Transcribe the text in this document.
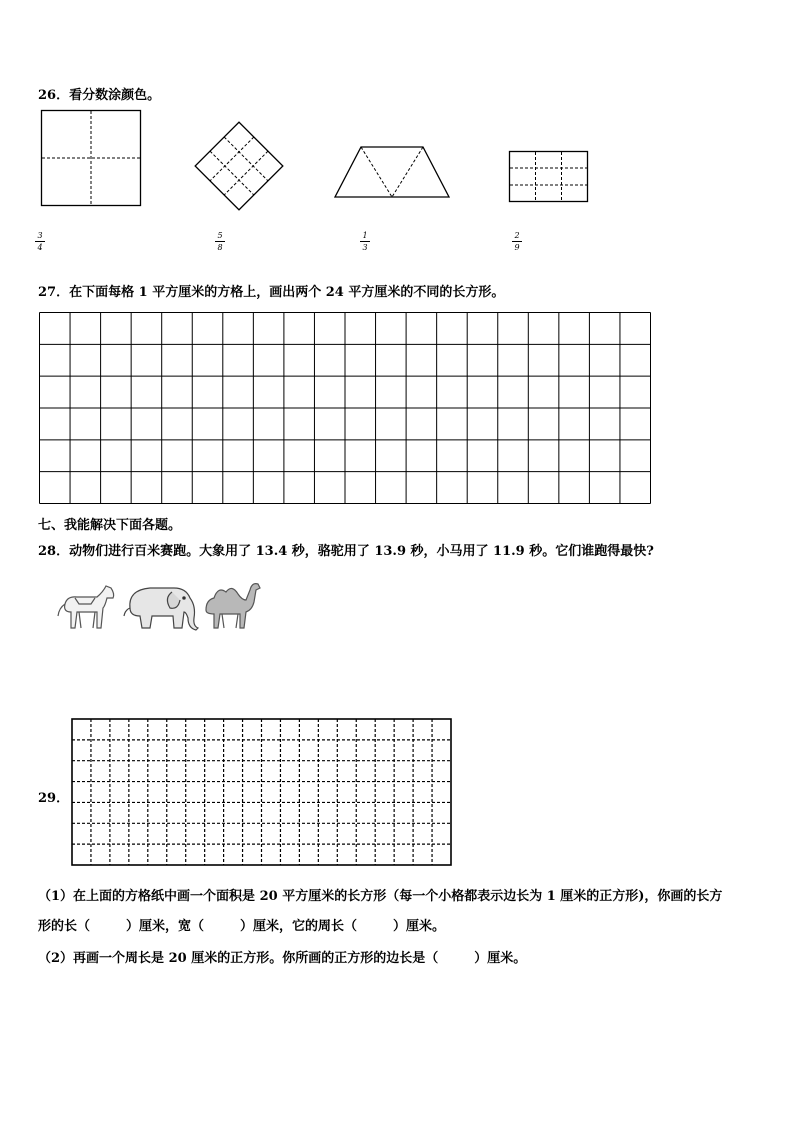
26．看分数涂颜色。
3
4
5
8
1
3
2
9
27．在下面每格 1 平方厘米的方格上，画出两个 24 平方厘米的不同的长方形。
七、我能解决下面各题。
28．动物们进行百米赛跑。大象用了 13.4 秒，骆驼用了 13.9 秒，小马用了 11.9 秒。它们谁跑得最快?
29．
（1）在上面的方格纸中画一个面积是 20 平方厘米的长方形（每一个小格都表示边长为 1 厘米的正方形)，你画的长方
形的长（	）厘米，宽（	）厘米，它的周长（	）厘米。
（2）再画一个周长是 20 厘米的正方形。你所画的正方形的边长是（	）厘米。
